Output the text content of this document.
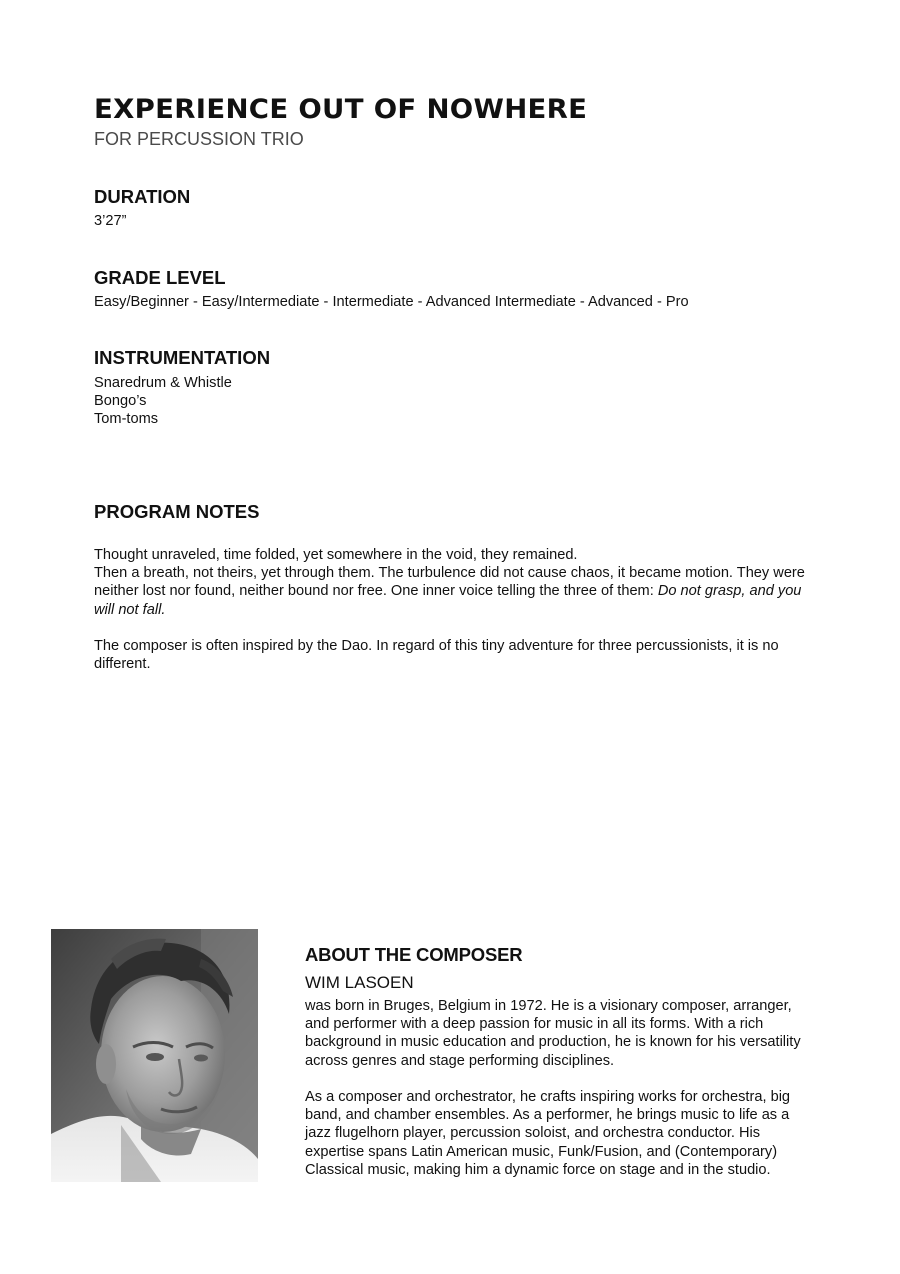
EXPERIENCE OUT OF NOWHERE
FOR PERCUSSION TRIO
DURATION
3’27”
GRADE LEVEL
Easy/Beginner - Easy/Intermediate - Intermediate - Advanced Intermediate - Advanced - Pro
INSTRUMENTATION
Snaredrum & Whistle
Bongo’s
Tom-toms
PROGRAM NOTES

Thought unraveled, time folded, yet somewhere in the void, they remained.
Then a breath, not theirs, yet through them. The turbulence did not cause chaos, it became motion. They were neither lost nor found, neither bound nor free. One inner voice telling the three of them: Do not grasp, and you will not fall.

The composer is often inspired by the Dao. In regard of this tiny adventure for three percussionists, it is no different.

ABOUT THE COMPOSER
WIM LASOEN

was born in Bruges, Belgium in 1972. He is a visionary composer, arranger, and performer with a deep passion for music in all its forms. With a rich background in music education and production, he is known for his versatility across genres and stage performing disciplines.

As a composer and orchestrator, he crafts inspiring works for orchestra, big band, and chamber ensembles. As a performer, he brings music to life as a jazz flugelhorn player, percussion soloist, and orchestra conductor. His expertise spans Latin American music, Funk/Fusion, and (Contemporary) Classical music, making him a dynamic force on stage and in the studio.
